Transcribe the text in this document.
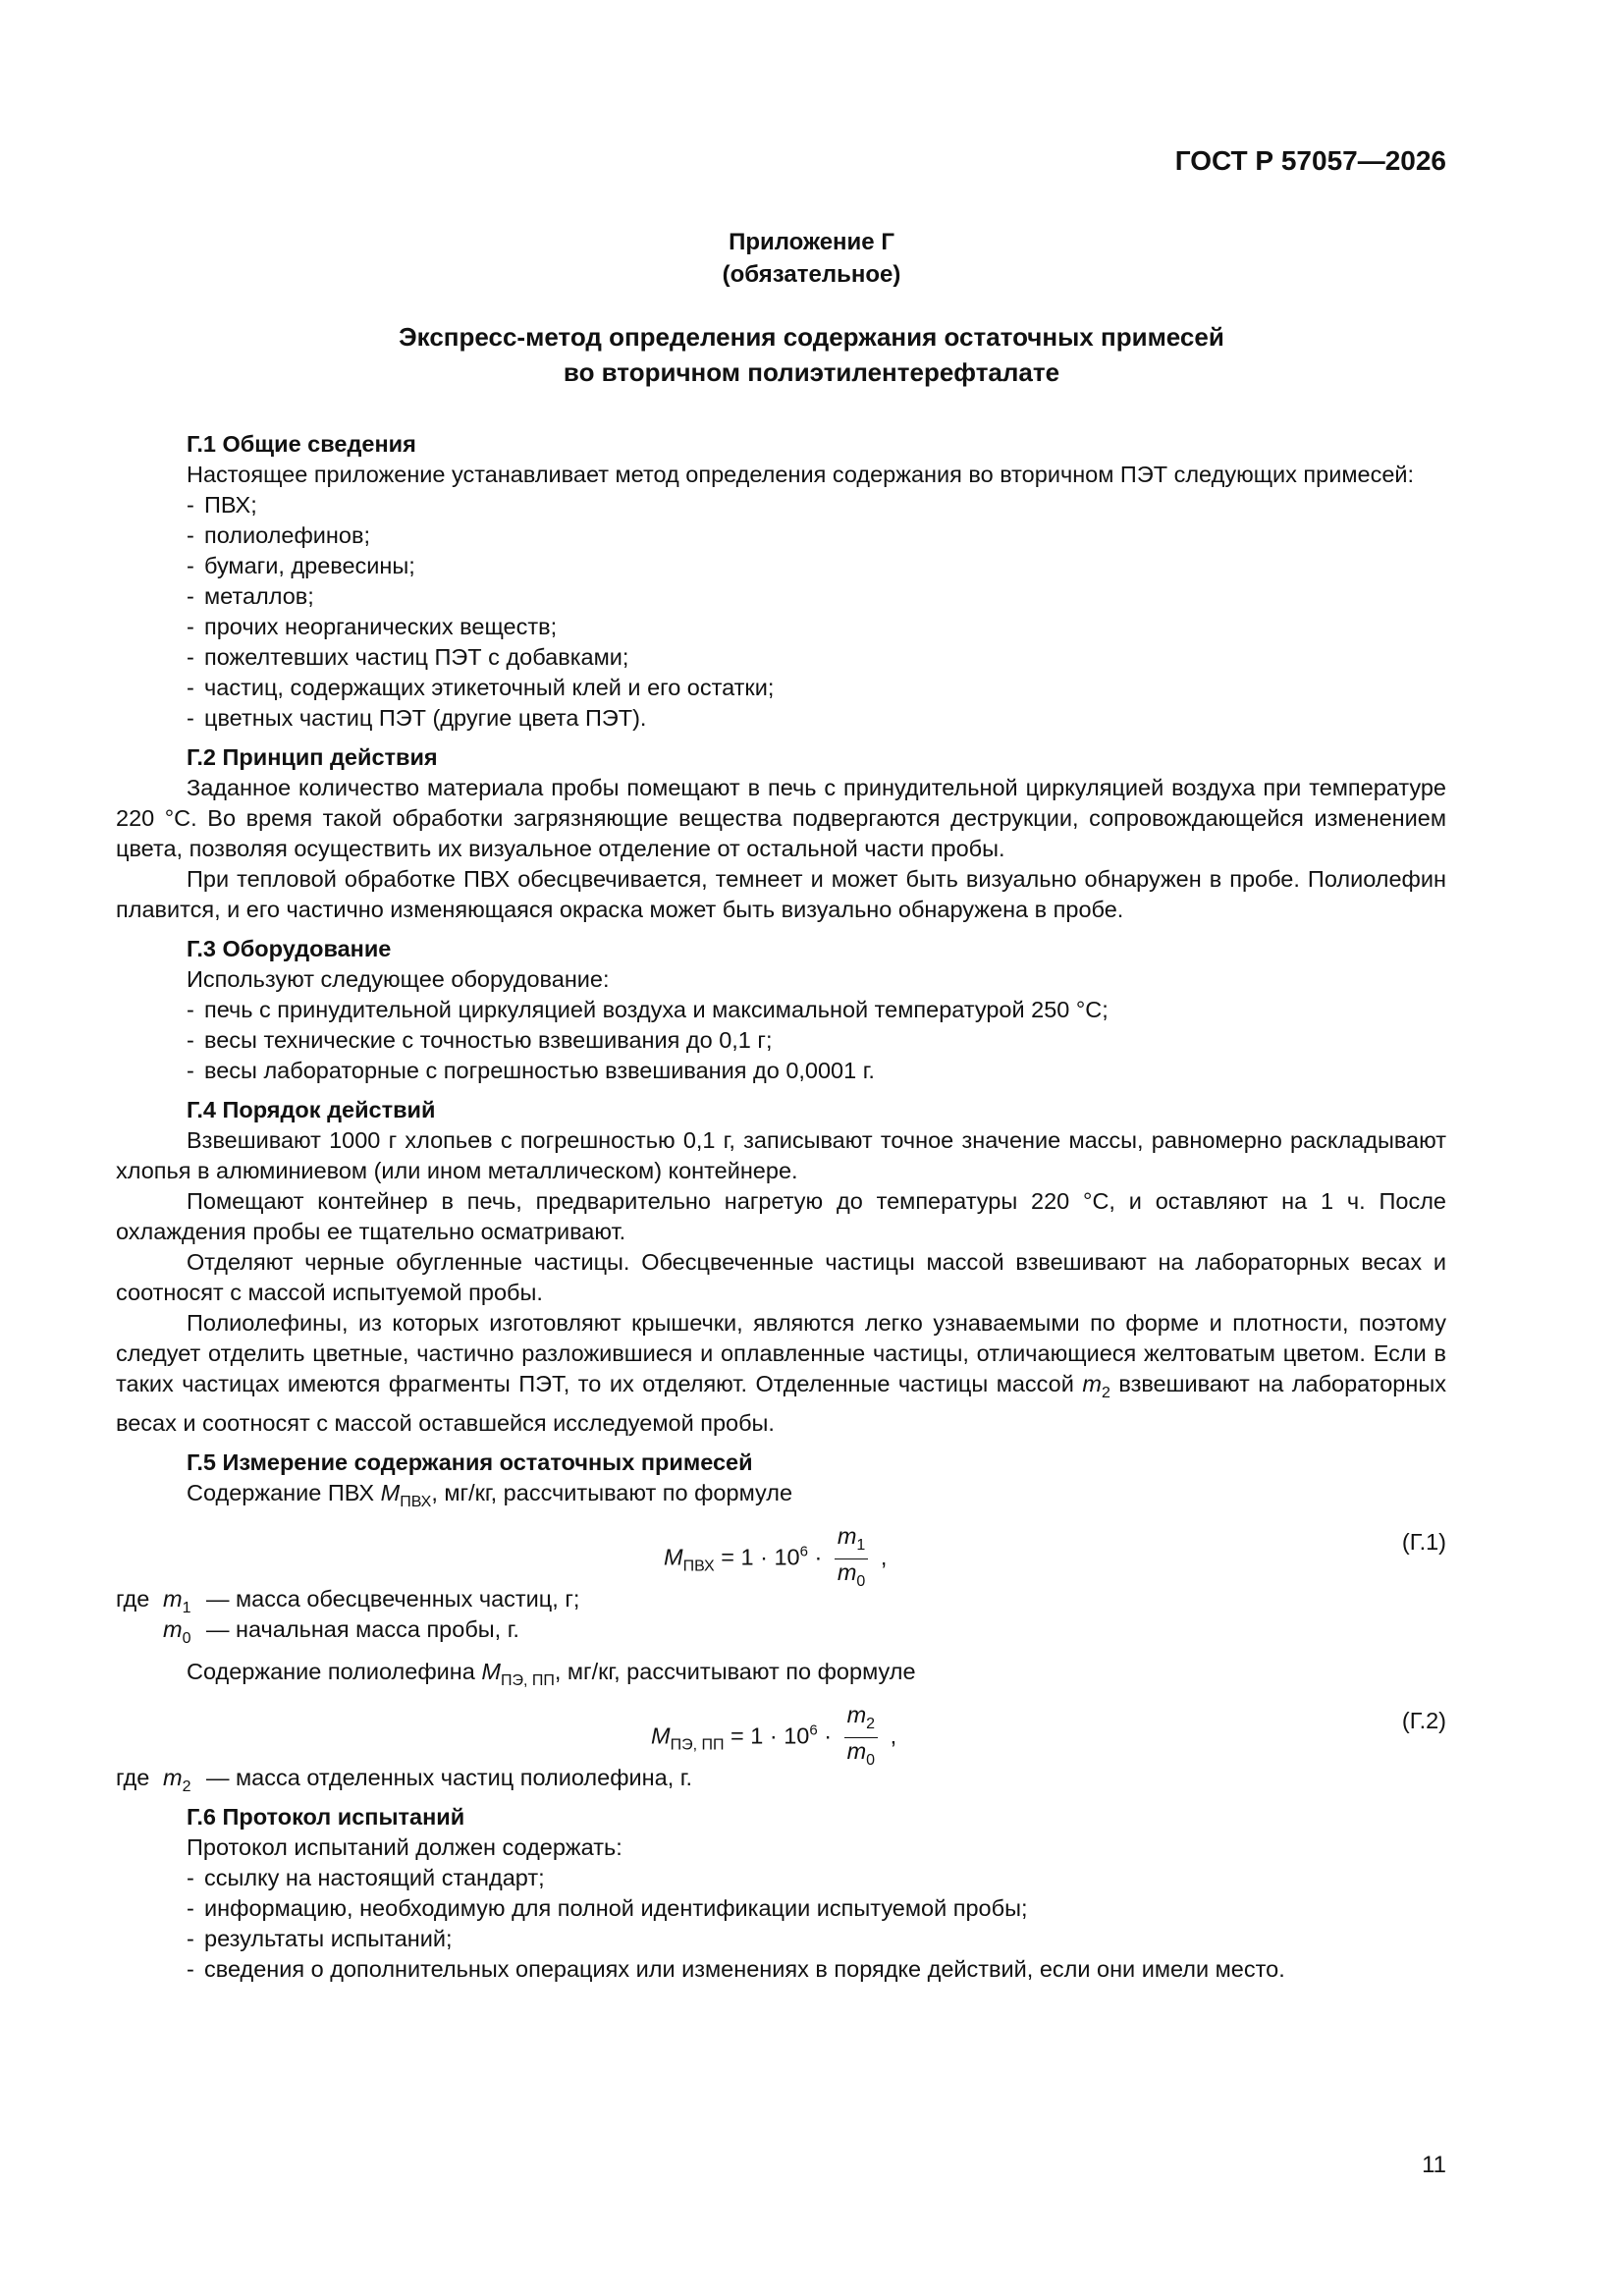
ГОСТ Р 57057—2026
Приложение Г
(обязательное)
Экспресс-метод определения содержания остаточных примесей
во вторичном полиэтилентерефталате
Г.1 Общие сведения
Настоящее приложение устанавливает метод определения содержания во вторичном ПЭТ следующих примесей:
- ПВХ;
- полиолефинов;
- бумаги, древесины;
- металлов;
- прочих неорганических веществ;
- пожелтевших частиц ПЭТ с добавками;
- частиц, содержащих этикеточный клей и его остатки;
- цветных частиц ПЭТ (другие цвета ПЭТ).
Г.2 Принцип действия
Заданное количество материала пробы помещают в печь с принудительной циркуляцией воздуха при температуре 220 °С. Во время такой обработки загрязняющие вещества подвергаются деструкции, сопровождающейся изменением цвета, позволяя осуществить их визуальное отделение от остальной части пробы.
При тепловой обработке ПВХ обесцвечивается, темнеет и может быть визуально обнаружен в пробе. Полиолефин плавится, и его частично изменяющаяся окраска может быть визуально обнаружена в пробе.
Г.3 Оборудование
Используют следующее оборудование:
- печь с принудительной циркуляцией воздуха и максимальной температурой 250 °С;
- весы технические с точностью взвешивания до 0,1 г;
- весы лабораторные с погрешностью взвешивания до 0,0001 г.
Г.4 Порядок действий
Взвешивают 1000 г хлопьев с погрешностью 0,1 г, записывают точное значение массы, равномерно раскладывают хлопья в алюминиевом (или ином металлическом) контейнере.
Помещают контейнер в печь, предварительно нагретую до температуры 220 °С, и оставляют на 1 ч. После охлаждения пробы ее тщательно осматривают.
Отделяют черные обугленные частицы. Обесцвеченные частицы массой взвешивают на лабораторных весах и соотносят с массой испытуемой пробы.
Полиолефины, из которых изготовляют крышечки, являются легко узнаваемыми по форме и плотности, поэтому следует отделить цветные, частично разложившиеся и оплавленные частицы, отличающиеся желтоватым цветом. Если в таких частицах имеются фрагменты ПЭТ, то их отделяют. Отделенные частицы массой $m_2$ взвешивают на лабораторных весах и соотносят с массой оставшейся исследуемой пробы.
Г.5 Измерение содержания остаточных примесей
Содержание ПВХ $M_{ПВХ}$, мг/кг, рассчитывают по формуле
$M_{ПВХ} = 1 \cdot 10^6 \cdot \frac{m_1}{m_0}$ ,
(Г.1)
где $m_1$ — масса обесцвеченных частиц, г;
$m_0$ — начальная масса пробы, г.
Содержание полиолефина $M_{ПЭ, ПП}$, мг/кг, рассчитывают по формуле
$M_{ПЭ, ПП} = 1 \cdot 10^6 \cdot \frac{m_2}{m_0}$ ,
(Г.2)
где $m_2$ — масса отделенных частиц полиолефина, г.
Г.6 Протокол испытаний
Протокол испытаний должен содержать:
- ссылку на настоящий стандарт;
- информацию, необходимую для полной идентификации испытуемой пробы;
- результаты испытаний;
- сведения о дополнительных операциях или изменениях в порядке действий, если они имели место.
11
